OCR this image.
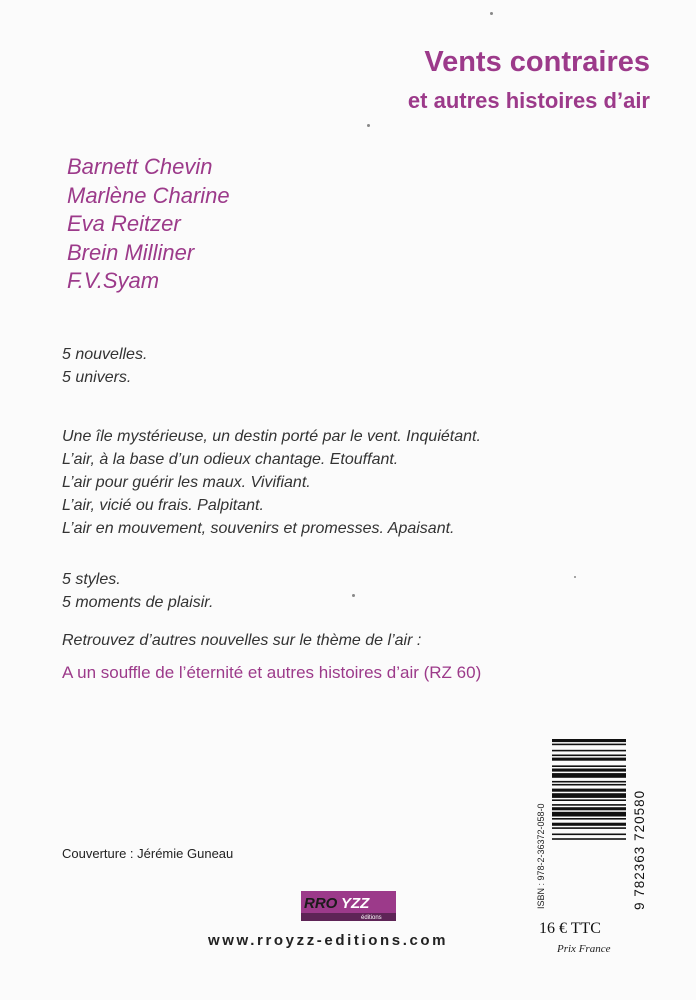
Vents contraires
et autres histoires d’air
Barnett Chevin
Marlène Charine
Eva Reitzer
Brein Milliner
F.V.Syam
5 nouvelles.
5 univers.
Une île mystérieuse, un destin porté par le vent. Inquiétant.
L’air, à la base d’un odieux chantage. Etouffant.
L’air pour guérir les maux. Vivifiant.
L’air, vicié ou frais. Palpitant.
L’air en mouvement, souvenirs et promesses. Apaisant.
5 styles.
5 moments de plaisir.
Retrouvez d’autres nouvelles sur le thème de l’air :
A un souffle de l’éternité et autres histoires d’air (RZ 60)
Couverture : Jérémie Guneau
RRO YZZ
éditions
www.rroyzz-editions.com
ISBN : 978-2-36372-058-0	9 782363 720580
16 € TTC
Prix France
